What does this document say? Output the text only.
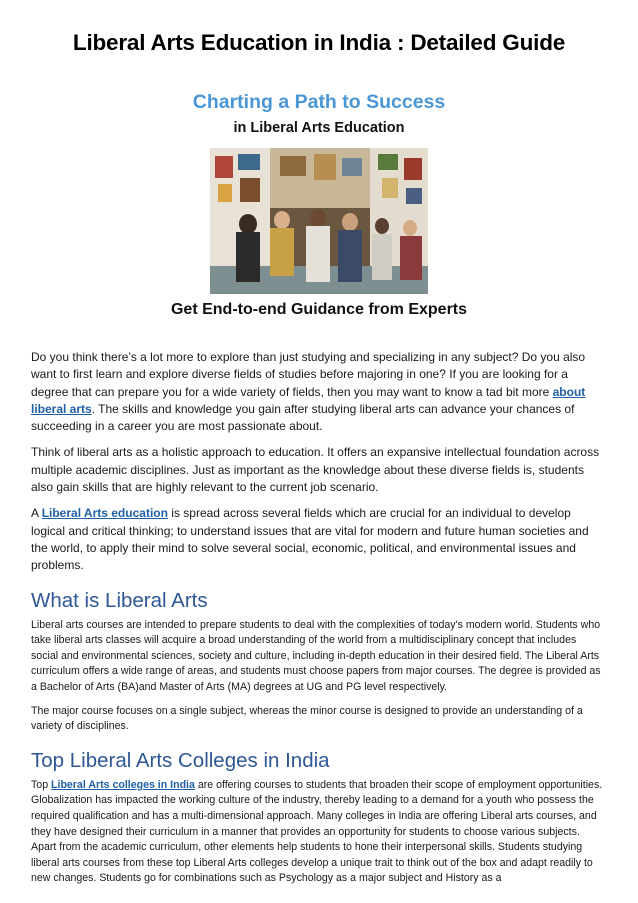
Liberal Arts Education in India : Detailed Guide
Charting a Path to Success
in Liberal Arts Education
Get End-to-end Guidance from Experts

Do you think there’s a lot more to explore than just studying and specializing in any subject? Do you also want to first learn and explore diverse fields of studies before majoring in one? If you are looking for a degree that can prepare you for a wide variety of fields, then you may want to know a tad bit more about liberal arts. The skills and knowledge you gain after studying liberal arts can advance your chances of succeeding in a career you are most passionate about.

Think of liberal arts as a holistic approach to education. It offers an expansive intellectual foundation across multiple academic disciplines. Just as important as the knowledge about these diverse fields is, students also gain skills that are highly relevant to the current job scenario.

A Liberal Arts education is spread across several fields which are crucial for an individual to develop logical and critical thinking; to understand issues that are vital for modern and future human societies and the world, to apply their mind to solve several social, economic, political, and environmental issues and problems.

What is Liberal Arts

Liberal arts courses are intended to prepare students to deal with the complexities of today's modern world. Students who take liberal arts classes will acquire a broad understanding of the world from a multidisciplinary concept that includes social and environmental sciences, society and culture, including in-depth education in their desired field. The Liberal Arts curriculum offers a wide range of areas, and students must choose papers from major courses. The degree is provided as a Bachelor of Arts (BA)and Master of Arts (MA) degrees at UG and PG level respectively.

The major course focuses on a single subject, whereas the minor course is designed to provide an understanding of a variety of disciplines.

Top Liberal Arts Colleges in India

Top Liberal Arts colleges in India are offering courses to students that broaden their scope of employment opportunities. Globalization has impacted the working culture of the industry, thereby leading to a demand for a youth who possess the required qualification and has a multi-dimensional approach. Many colleges in India are offering Liberal arts courses, and they have designed their curriculum in a manner that provides an opportunity for students to choose various subjects. Apart from the academic curriculum, other elements help students to hone their interpersonal skills. Students studying liberal arts courses from these top Liberal Arts colleges develop a unique trait to think out of the box and adapt readily to new changes. Students go for combinations such as Psychology as a major subject and History as a
